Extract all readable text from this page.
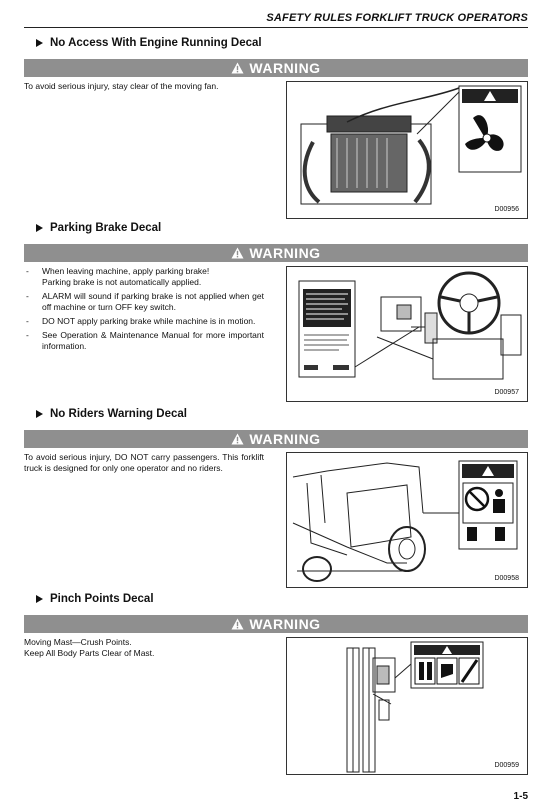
SAFETY RULES FORKLIFT TRUCK OPERATORS
No Access With Engine Running Decal
WARNING

To avoid serious injury, stay clear of the moving fan.

D00956
Parking Brake Decal
WARNING
- When leaving machine, apply parking brake!
Parking brake is not automatically applied.
- ALARM will sound if parking brake is not applied when get off machine or turn OFF key switch.
- DO NOT apply parking brake while machine is in motion.
- See Operation & Maintenance Manual for more important information.
D00957
No Riders Warning Decal
WARNING

To avoid serious injury, DO NOT carry passengers. This forklift truck is designed for only one operator and no riders.

D00958
Pinch Points Decal
WARNING

Moving Mast—Crush Points.

Keep All Body Parts Clear of Mast.

D00959
1-5
